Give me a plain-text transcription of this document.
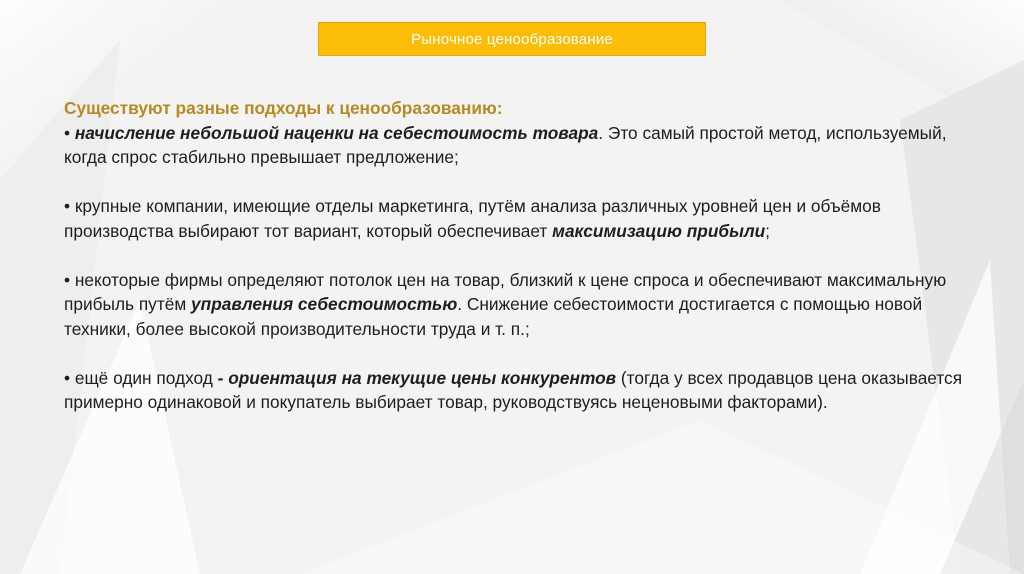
Рыночное ценообразование

Существуют разные подходы к ценообразованию:

• начисление небольшой наценки на себестоимость товара. Это самый простой метод, используемый, когда спрос стабильно превышает предложение;

• крупные компании, имеющие отделы маркетинга, путём анализа различных уровней цен и объёмов производства выбирают тот вариант, который обеспечивает максимизацию прибыли;

• некоторые фирмы определяют потолок цен на товар, близкий к цене спроса и обеспечивают максимальную прибыль путём управления себестоимостью. Снижение себестоимости достигается с помощью новой техники, более высокой производительности труда и т. п.;

• ещё один подход - ориентация на текущие цены конкурентов (тогда у всех продавцов цена оказывается примерно одинаковой и покупатель выбирает товар, руководствуясь неценовыми факторами).
